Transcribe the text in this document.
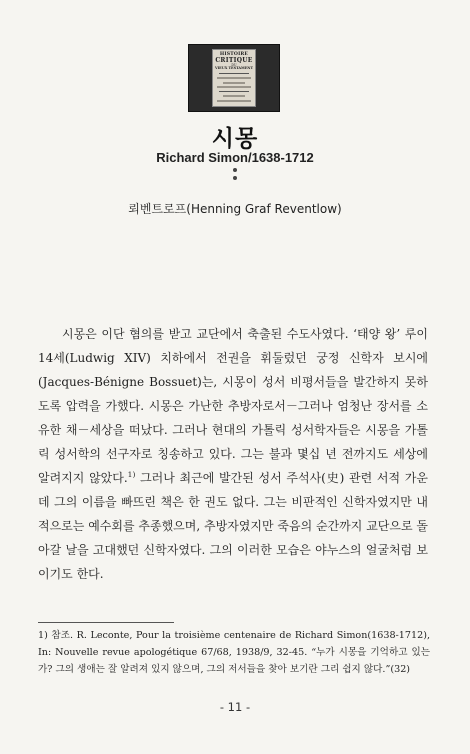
HISTOIRE
CRITIQUE
DU
VIEUX TESTAMENT
시몽
Richard Simon/1638-1712
뢰벤트로프(Henning Graf Reventlow)

시몽은 이단 혐의를 받고 교단에서 축출된 수도사였다. ‘태양 왕’ 루이 14세(Ludwig XIV) 치하에서 전권을 휘둘렀던 궁정 신학자 보시에(Jacques-Bénigne Bossuet)는, 시몽이 성서 비평서들을 발간하지 못하도록 압력을 가했다. 시몽은 가난한 추방자로서－그러나 엄청난 장서를 소유한 채－세상을 떠났다. 그러나 현대의 가톨릭 성서학자들은 시몽을 가톨릭 성서학의 선구자로 칭송하고 있다. 그는 불과 몇십 년 전까지도 세상에 알려지지 않았다.$^{1)}$ 그러나 최근에 발간된 성서 주석사(史) 관련 서적 가운데 그의 이름을 빠뜨린 책은 한 권도 없다. 그는 비판적인 신학자였지만 내적으로는 예수회를 추종했으며, 추방자였지만 죽음의 순간까지 교단으로 돌아갈 날을 고대했던 신학자였다. 그의 이러한 모습은 야누스의 얼굴처럼 보이기도 한다.

1) 참조. R. Leconte, Pour la troisième centenaire de Richard Simon(1638-1712), In: Nouvelle revue apologétique 67/68, 1938/9, 32-45. “누가 시몽을 기억하고 있는가? 그의 생애는 잘 알려져 있지 않으며, 그의 저서들을 찾아 보기란 그리 쉽지 않다.”(32)
- 11 -
